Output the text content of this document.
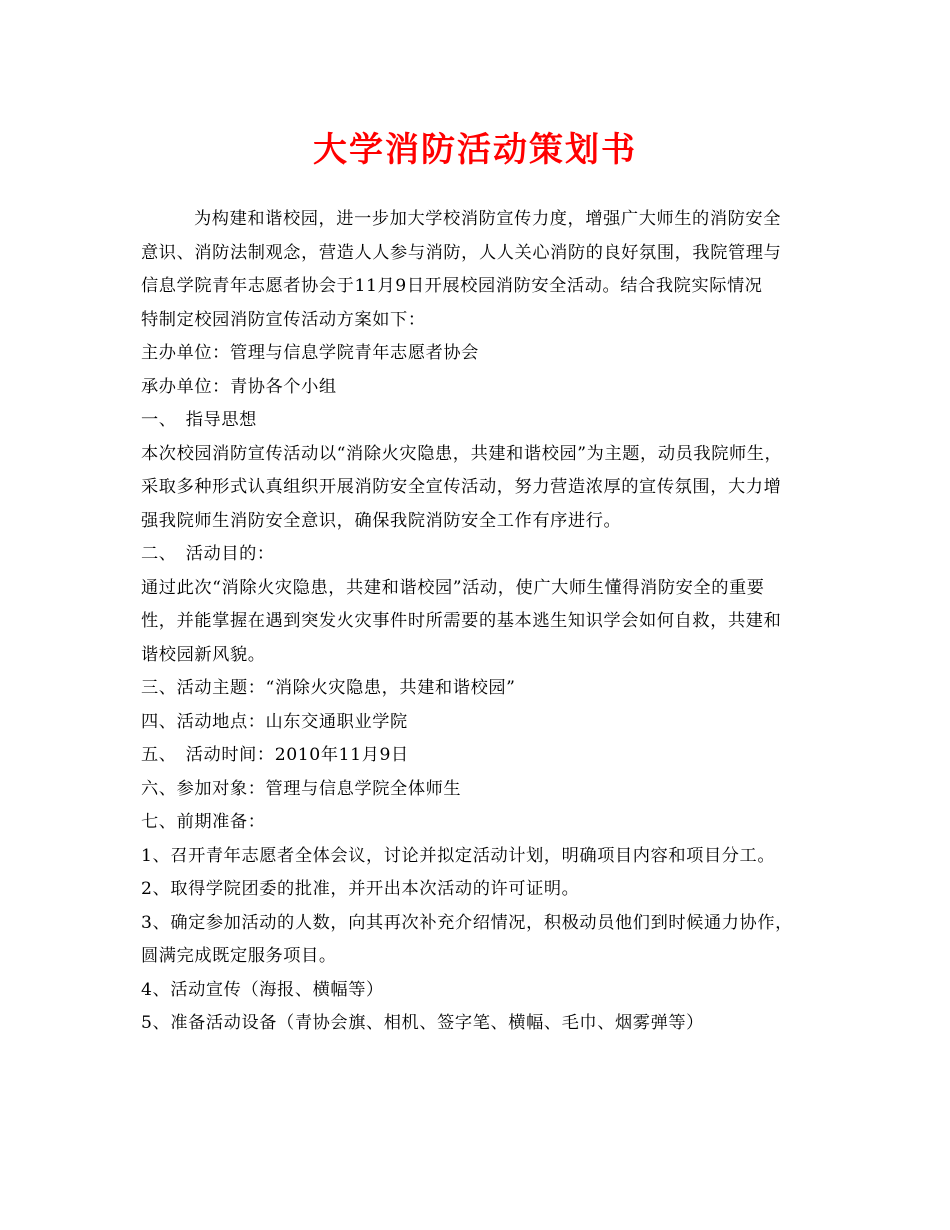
大学消防活动策划书
为构建和谐校园，进一步加大学校消防宣传力度，增强广大师生的消防安全
意识、消防法制观念，营造人人参与消防，人人关心消防的良好氛围，我院管理与
信息学院青年志愿者协会于11月9日开展校园消防安全活动。结合我院实际情况
特制定校园消防宣传活动方案如下：
主办单位：管理与信息学院青年志愿者协会
承办单位：青协各个小组
一、　指导思想
本次校园消防宣传活动以“消除火灾隐患，共建和谐校园”为主题，动员我院师生，
采取多种形式认真组织开展消防安全宣传活动，努力营造浓厚的宣传氛围，大力增
强我院师生消防安全意识，确保我院消防安全工作有序进行。
二、　活动目的：
通过此次“消除火灾隐患，共建和谐校园”活动，使广大师生懂得消防安全的重要
性，并能掌握在遇到突发火灾事件时所需要的基本逃生知识学会如何自救，共建和
谐校园新风貌。
三、活动主题：“消除火灾隐患，共建和谐校园”
四、活动地点：山东交通职业学院
五、　活动时间：2010年11月9日
六、参加对象：管理与信息学院全体师生
七、前期准备：
1、召开青年志愿者全体会议，讨论并拟定活动计划，明确项目内容和项目分工。
2、取得学院团委的批准，并开出本次活动的许可证明。
3、确定参加活动的人数，向其再次补充介绍情况，积极动员他们到时候通力协作，
圆满完成既定服务项目。
4、活动宣传（海报、横幅等）
5、准备活动设备（青协会旗、相机、签字笔、横幅、毛巾、烟雾弹等）
